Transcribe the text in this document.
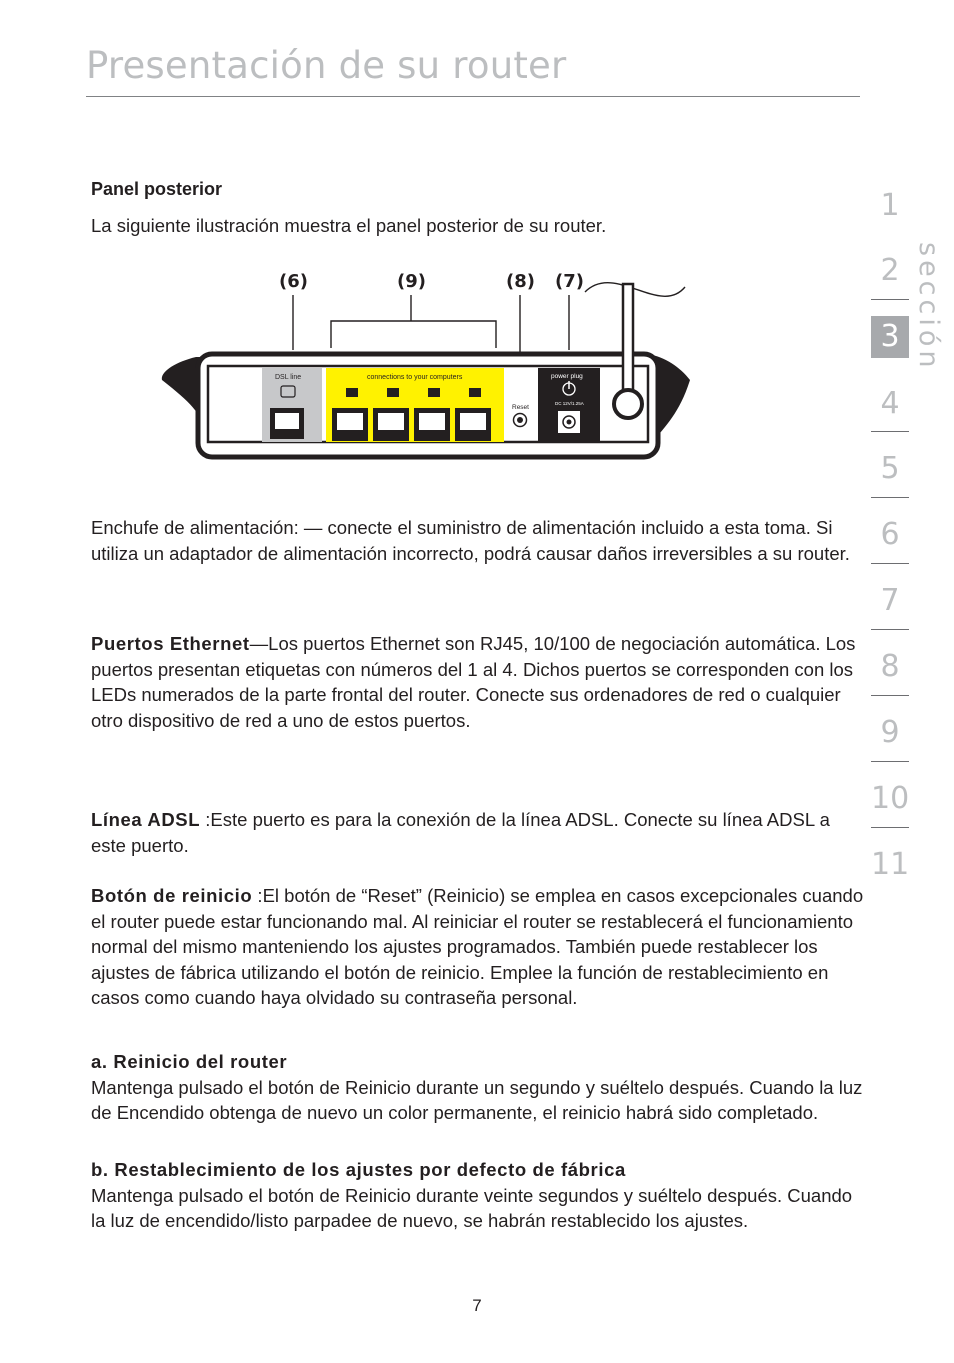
Presentación de su router
sección
1
2
3
4
5
6
7
8
9
10
11
Panel posterior

La siguiente ilustración muestra el panel posterior de su router.

(6)	(9)	(8) (7)
DSL line	connections to your computers
Reset
power plug
DC 12V/1.25A

Enchufe de alimentación: — conecte el suministro de alimentación incluido a esta toma. Si utiliza un adaptador de alimentación incorrecto, podrá causar daños irreversibles a su router.

Puertos Ethernet—Los puertos Ethernet son RJ45, 10/100 de negociación automática. Los puertos presentan etiquetas con números del 1 al 4. Dichos puertos se corresponden con los LEDs numerados de la parte frontal del router. Conecte sus ordenadores de red o cualquier otro dispositivo de red a uno de estos puertos.

Línea ADSL :Este puerto es para la conexión de la línea ADSL. Conecte su línea ADSL a este puerto.

Botón de reinicio :El botón de “Reset” (Reinicio) se emplea en casos excepcionales cuando el router puede estar funcionando mal. Al reiniciar el router se restablecerá el funcionamiento normal del mismo manteniendo los ajustes programados. También puede restablecer los ajustes de fábrica utilizando el botón de reinicio. Emplee la función de restablecimiento en casos como cuando haya olvidado su contraseña personal.

a. Reinicio del router
Mantenga pulsado el botón de Reinicio durante un segundo y suéltelo después. Cuando la luz de Encendido obtenga de nuevo un color permanente, el reinicio habrá sido completado.

b. Restablecimiento de los ajustes por defecto de fábrica
Mantenga pulsado el botón de Reinicio durante veinte segundos y suéltelo después. Cuando la luz de encendido/listo parpadee de nuevo, se habrán restablecido los ajustes.

7
